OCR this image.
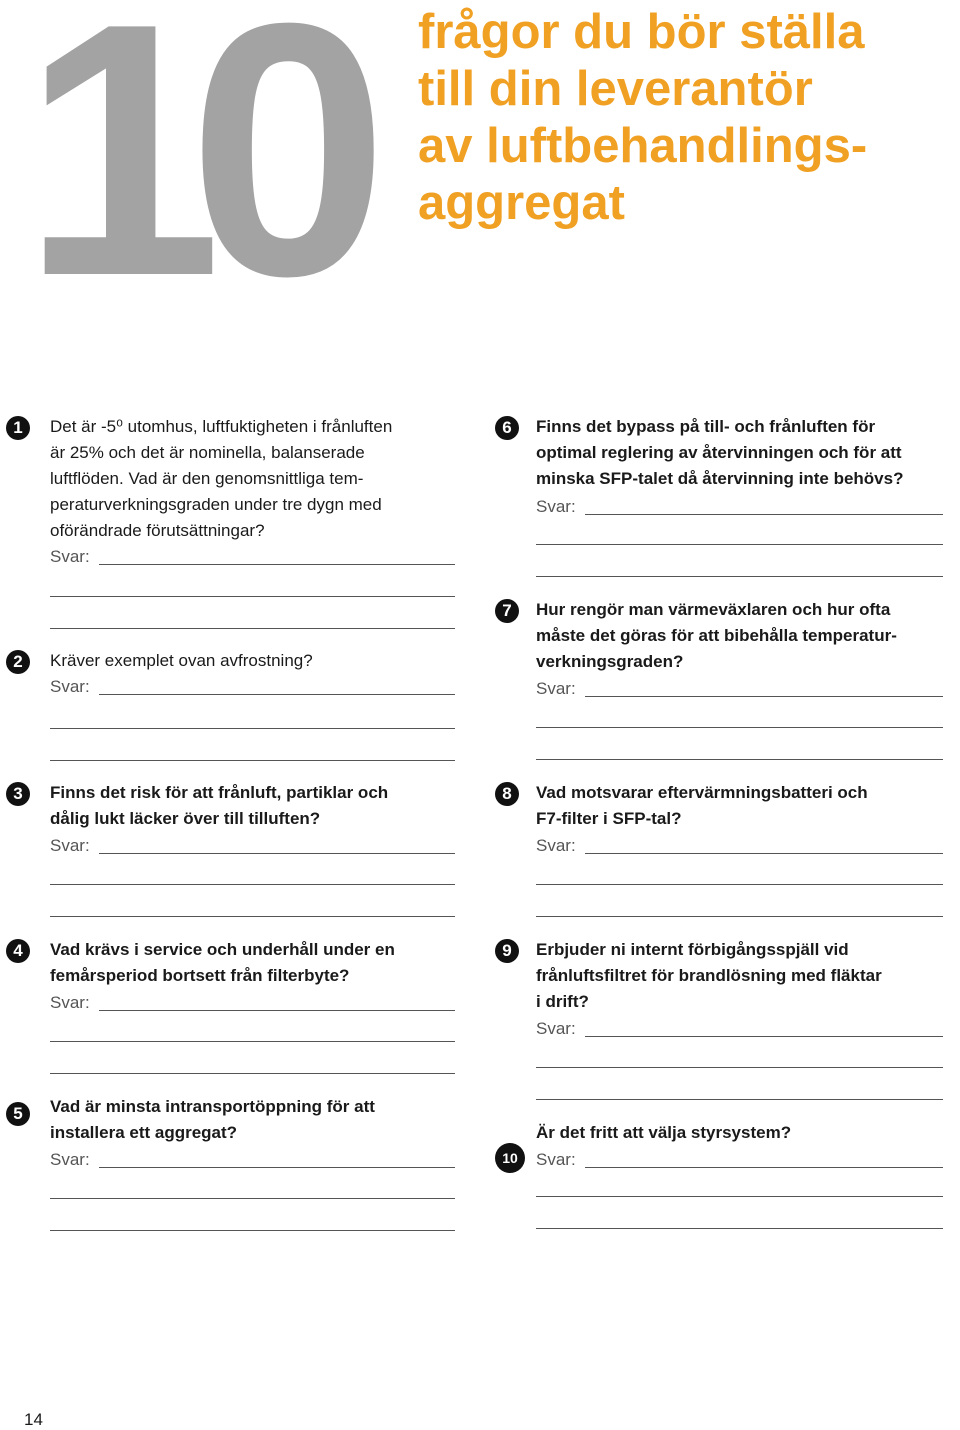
10 frågor du bör ställa
till din leverantör
av luftbehandlings-
aggregat
1	Det är -5⁰ utomhus, luftfuktigheten i frånluften
är 25% och det är nominella, balanserade
luftflöden. Vad är den genomsnittliga tem-
peraturverkningsgraden under tre dygn med
oförändrade förutsättningar?

Svar:
2	Kräver exemplet ovan avfrostning?

Svar:
3	Finns det risk för att frånluft, partiklar och
dålig lukt läcker över till tilluften?

Svar:
4	Vad krävs i service och underhåll under en
femårsperiod bortsett från filterbyte?

Svar:
5	Vad är minsta intransportöppning för att
installera ett aggregat?

Svar:
6	Finns det bypass på till- och frånluften för
optimal reglering av återvinningen och för att
minska SFP-talet då återvinning inte behövs?

Svar:
7	Hur rengör man värmeväxlaren och hur ofta
måste det göras för att bibehålla temperatur-
verkningsgraden?

Svar:
8	Vad motsvarar eftervärmningsbatteri och
F7-filter i SFP-tal?

Svar:
9	Erbjuder ni internt förbigångsspjäll vid
frånluftsfiltret för brandlösning med fläktar
i drift?

Svar:
10

Är det fritt att välja styrsystem?

Svar:

14
